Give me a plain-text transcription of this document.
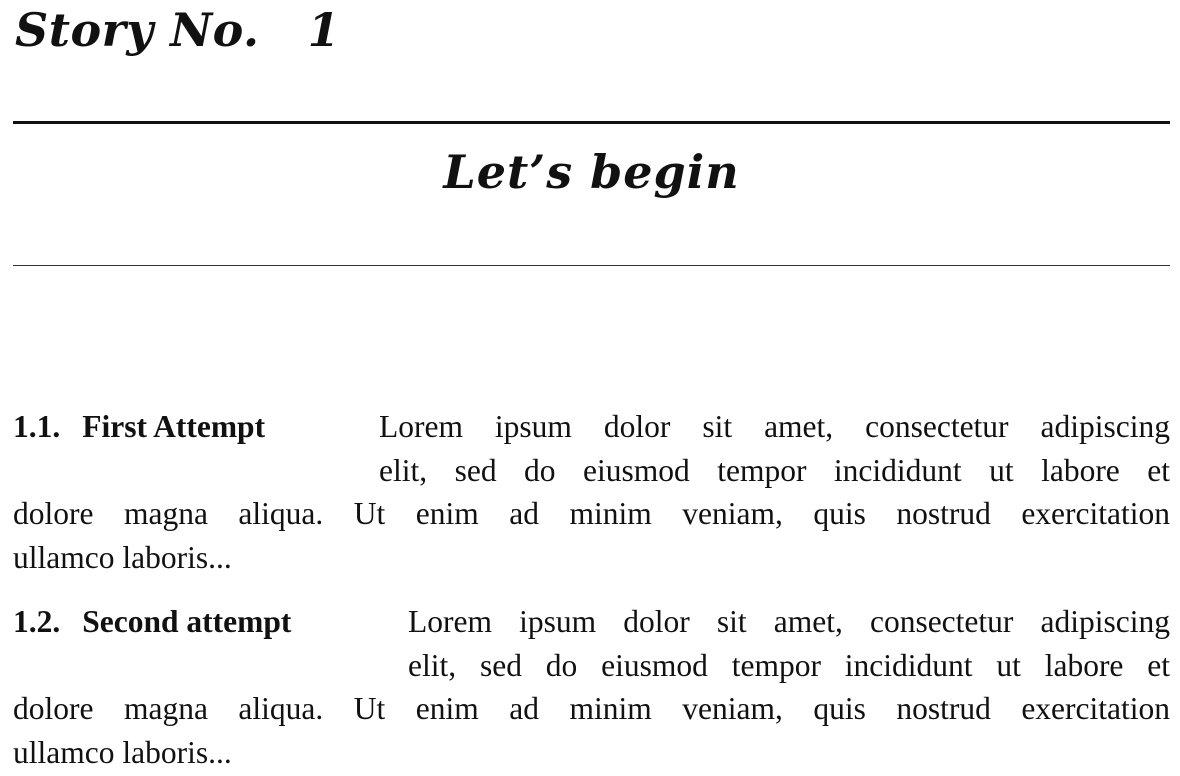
Story No. 1
Let’s begin
1.1. First Attempt	Lorem ipsum dolor sit amet, consectetur adipiscing
elit, sed do eiusmod tempor incididunt ut labore et
dolore magna aliqua. Ut enim ad minim veniam, quis nostrud exercitation
ullamco laboris...
1.2. Second attempt	Lorem ipsum dolor sit amet, consectetur adipiscing
elit, sed do eiusmod tempor incididunt ut labore et
dolore magna aliqua. Ut enim ad minim veniam, quis nostrud exercitation
ullamco laboris...
